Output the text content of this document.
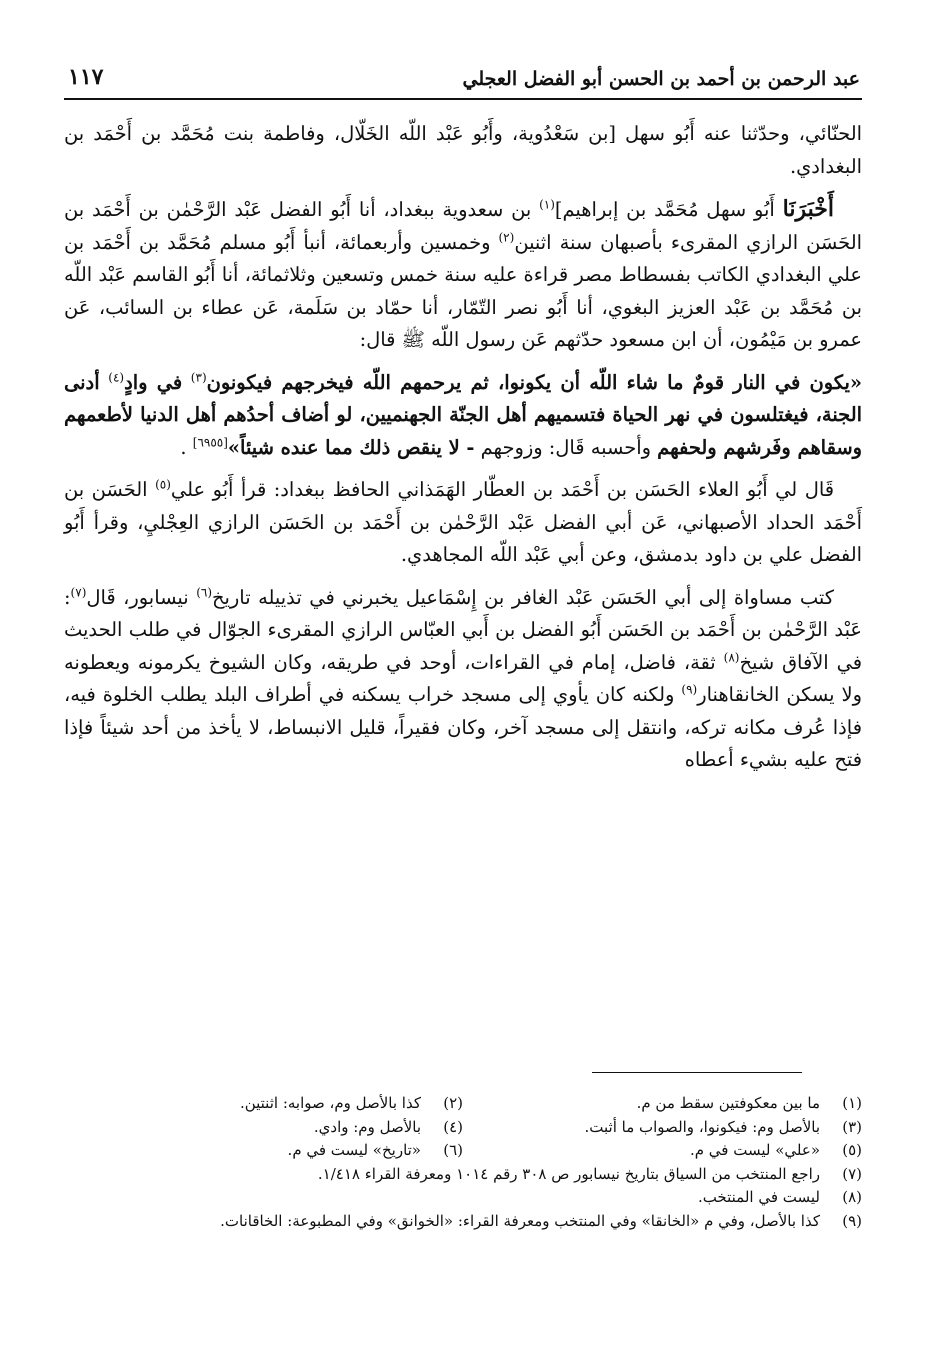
عبد الرحمن بن أحمد بن الحسن أبو الفضل العجلي
١١٧

الحنّائي، وحدّثنا عنه أَبُو سهل [بن سَعْدُوية، وأَبُو عَبْد اللّه الخَلّال، وفاطمة بنت مُحَمَّد بن أَحْمَد بن البغدادي.

أَخْبَرَنَا أَبُو سهل مُحَمَّد بن إبراهيم]$^{(١)}$ بن سعدوية ببغداد، أنا أَبُو الفضل عَبْد الرَّحْمٰن بن أَحْمَد بن الحَسَن الرازي المقرىء بأصبهان سنة اثنين$^{(٢)}$ وخمسين وأربعمائة، أنبأ أَبُو مسلم مُحَمَّد بن أَحْمَد بن علي البغدادي الكاتب بفسطاط مصر قراءة عليه سنة خمس وتسعين وثلاثمائة، أنا أَبُو القاسم عَبْد اللّه بن مُحَمَّد بن عَبْد العزيز البغوي، أنا أَبُو نصر التّمّار، أنا حمّاد بن سَلَمة، عَن عطاء بن السائب، عَن عمرو بن مَيْمُون، أن ابن مسعود حدّثهم عَن رسول اللّه ﷺ قال:

«يكون في النار قومٌ ما شاء اللّه أن يكونوا، ثم يرحمهم اللّه فيخرجهم فيكونون$^{(٣)}$ في وادٍ$^{(٤)}$ أدنى الجنة، فيغتلسون في نهر الحياة فتسميهم أهل الجنّة الجهنميين، لو أضاف أحدُهم أهل الدنيا لأطعمهم وسقاهم وفَرشهم ولحفهم وأحسبه قَال: وزوجهم - لا ينقص ذلك مما عنده شيئاً»[٦٩٥٥] .

قَال لي أَبُو العلاء الحَسَن بن أَحْمَد بن العطّار الهَمَذاني الحافظ ببغداد: قرأ أَبُو علي$^{(٥)}$ الحَسَن بن أَحْمَد الحداد الأصبهاني، عَن أبي الفضل عَبْد الرَّحْمٰن بن أَحْمَد بن الحَسَن الرازي العِجْليِ، وقرأ أَبُو الفضل علي بن داود بدمشق، وعن أبي عَبْد اللّه المجاهدي.

كتب مساواة إلى أبي الحَسَن عَبْد الغافر بن إِسْمَاعيل يخبرني في تذييله تاريخ$^{(٦)}$ نيسابور، قَال$^{(٧)}$: عَبْد الرَّحْمٰن بن أَحْمَد بن الحَسَن أَبُو الفضل بن أَبي العبّاس الرازي المقرىء الجوّال في طلب الحديث في الآفاق شيخ$^{(٨)}$ ثقة، فاضل، إمام في القراءات، أوحد في طريقه، وكان الشيوخ يكرمونه ويعطونه ولا يسكن الخانقاهنار$^{(٩)}$ ولكنه كان يأوي إلى مسجد خراب يسكنه في أطراف البلد يطلب الخلوة فيه، فإذا عُرف مكانه تركه، وانتقل إلى مسجد آخر، وكان فقيراً، قليل الانبساط، لا يأخذ من أحد شيئاً فإذا فتح عليه بشيء أعطاه

(١)
ما بين معكوفتين سقط من م.
(٢)
كذا بالأصل وم، صوابه: اثنتين.
(٣)
بالأصل وم: فيكونوا، والصواب ما أثبت.
(٤)
بالأصل وم: وادي.
(٥)
«علي» ليست في م.
(٦)
«تاريخ» ليست في م.
(٧)
راجع المنتخب من السياق بتاريخ نيسابور ص ٣٠٨ رقم ١٠١٤ ومعرفة القراء ١/٤١٨.
(٨)
ليست في المنتخب.
(٩)
كذا بالأصل، وفي م «الخانقا» وفي المنتخب ومعرفة القراء: «الخوانق» وفي المطبوعة: الخاقانات.
